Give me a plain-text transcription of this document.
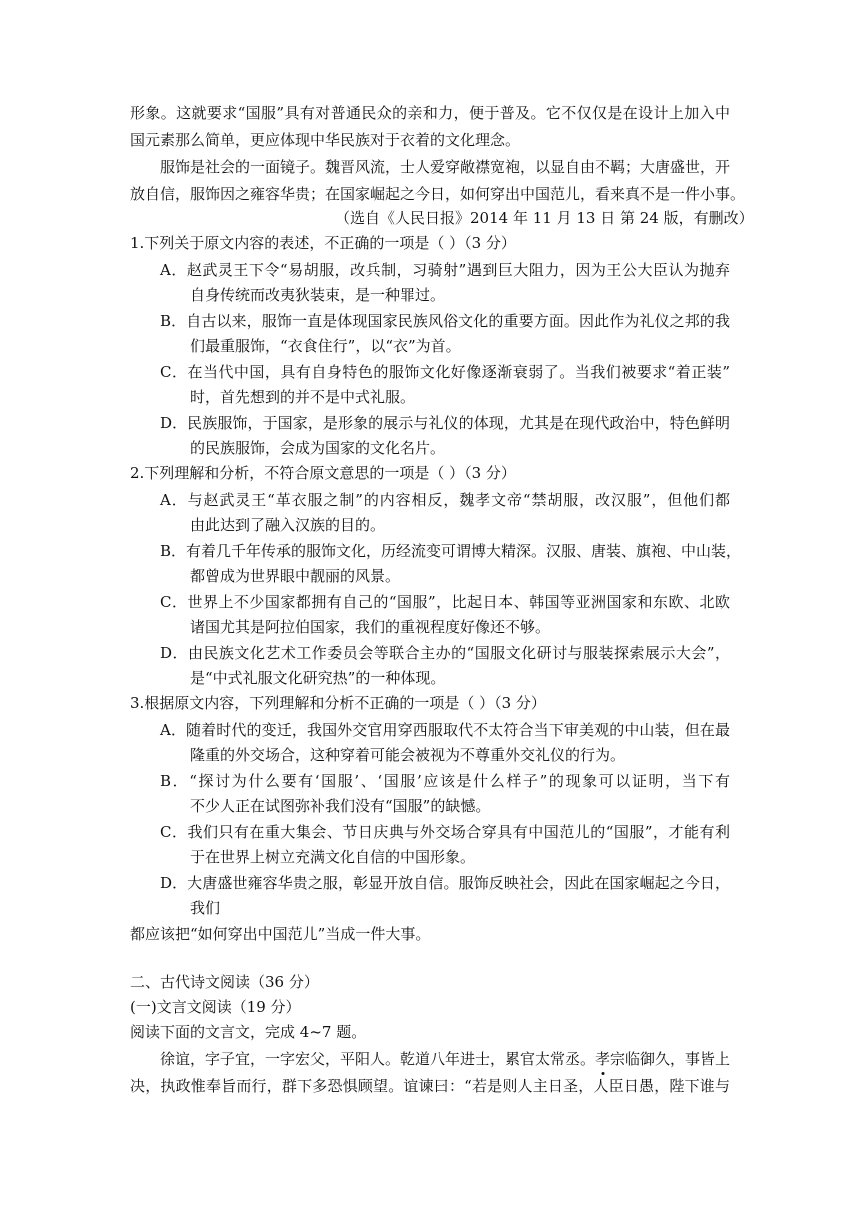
形象。这就要求“国服”具有对普通民众的亲和力，便于普及。它不仅仅是在设计上加入中
国元素那么简单，更应体现中华民族对于衣着的文化理念。
服饰是社会的一面镜子。魏晋风流，士人爱穿敞襟宽袍，以显自由不羁；大唐盛世，开
放自信，服饰因之雍容华贵；在国家崛起之今日，如何穿出中国范儿，看来真不是一件小事。
（选自《人民日报》2014 年 11 月 13 日 第 24 版，有删改）
1.下列关于原文内容的表述，不正确的一项是（ ）（3 分）
A．赵武灵王下令“易胡服，改兵制，习骑射”遇到巨大阻力，因为王公大臣认为抛弃
自身传统而改夷狄装束，是一种罪过。
B．自古以来，服饰一直是体现国家民族风俗文化的重要方面。因此作为礼仪之邦的我
们最重服饰，“衣食住行”，以“衣”为首。
C．在当代中国，具有自身特色的服饰文化好像逐渐衰弱了。当我们被要求“着正装”
时，首先想到的并不是中式礼服。
D．民族服饰，于国家，是形象的展示与礼仪的体现，尤其是在现代政治中，特色鲜明
的民族服饰，会成为国家的文化名片。
2.下列理解和分析，不符合原文意思的一项是（ ）（3 分）
A．与赵武灵王“革衣服之制”的内容相反，魏孝文帝“禁胡服，改汉服”，但他们都
由此达到了融入汉族的目的。
B．有着几千年传承的服饰文化，历经流变可谓博大精深。汉服、唐装、旗袍、中山装，
都曾成为世界眼中靓丽的风景。
C．世界上不少国家都拥有自己的“国服”，比起日本、韩国等亚洲国家和东欧、北欧
诸国尤其是阿拉伯国家，我们的重视程度好像还不够。
D．由民族文化艺术工作委员会等联合主办的“国服文化研讨与服装探索展示大会”，
是“中式礼服文化研究热”的一种体现。
3.根据原文内容，下列理解和分析不正确的一项是（ ）（3 分）
A．随着时代的变迁，我国外交官用穿西服取代不太符合当下审美观的中山装，但在最
隆重的外交场合，这种穿着可能会被视为不尊重外交礼仪的行为。
B．“探讨为什么要有‘国服’、‘国服’应该是什么样子”的现象可以证明，当下有
不少人正在试图弥补我们没有“国服”的缺憾。
C．我们只有在重大集会、节日庆典与外交场合穿具有中国范儿的“国服”，才能有利
于在世界上树立充满文化自信的中国形象。
D．大唐盛世雍容华贵之服，彰显开放自信。服饰反映社会，因此在国家崛起之今日，
我们
都应该把“如何穿出中国范儿”当成一件大事。
二、古代诗文阅读（36 分）
(一)文言文阅读（19 分）
阅读下面的文言文，完成 4~7 题。
徐谊，字子宜，一字宏父，平阳人。乾道八年进士，累官太常丞。 孝 宗临御久，事皆上
决，执政惟奉旨而行，群下多恐惧顾望。谊谏曰：“若是则人主日圣，人臣日愚，陛下谁与
